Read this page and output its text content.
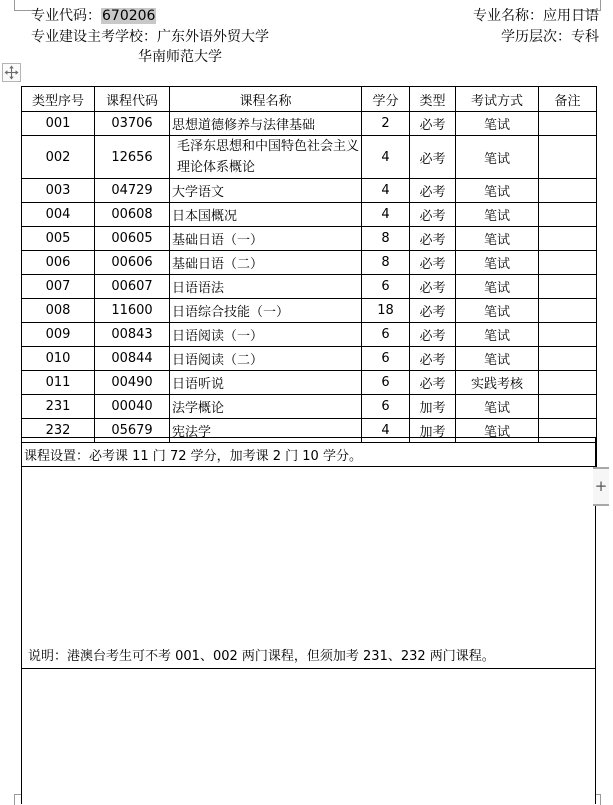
专业代码：670206	专业名称：应用日语
专业建设主考学校：广东外语外贸大学	学历层次：专科
华南师范大学
说明：港澳台考生可不考 001、002 两门课程，但须加考 231、232 两门课程。
+
类型序号	课程代码	课程名称	学分	类型	考试方式	备注
001	03706	思想道德修养与法律基础	2	必考	笔试	
002	12656	毛泽东思想和中国特色社会主义
理论体系概论	4	必考	笔试	
003	04729	大学语文	4	必考	笔试	
004	00608	日本国概况	4	必考	笔试	
005	00605	基础日语（一）	8	必考	笔试	
006	00606	基础日语（二）	8	必考	笔试	
007	00607	日语语法	6	必考	笔试	
008	11600	日语综合技能（一）	18	必考	笔试	
009	00843	日语阅读（一）	6	必考	笔试	
010	00844	日语阅读（二）	6	必考	笔试	
011	00490	日语听说	6	必考	实践考核	
231	00040	法学概论	6	加考	笔试	
232	05679	宪法学	4	加考	笔试	
课程设置：必考课 11 门 72 学分，加考课 2 门 10 学分。						
